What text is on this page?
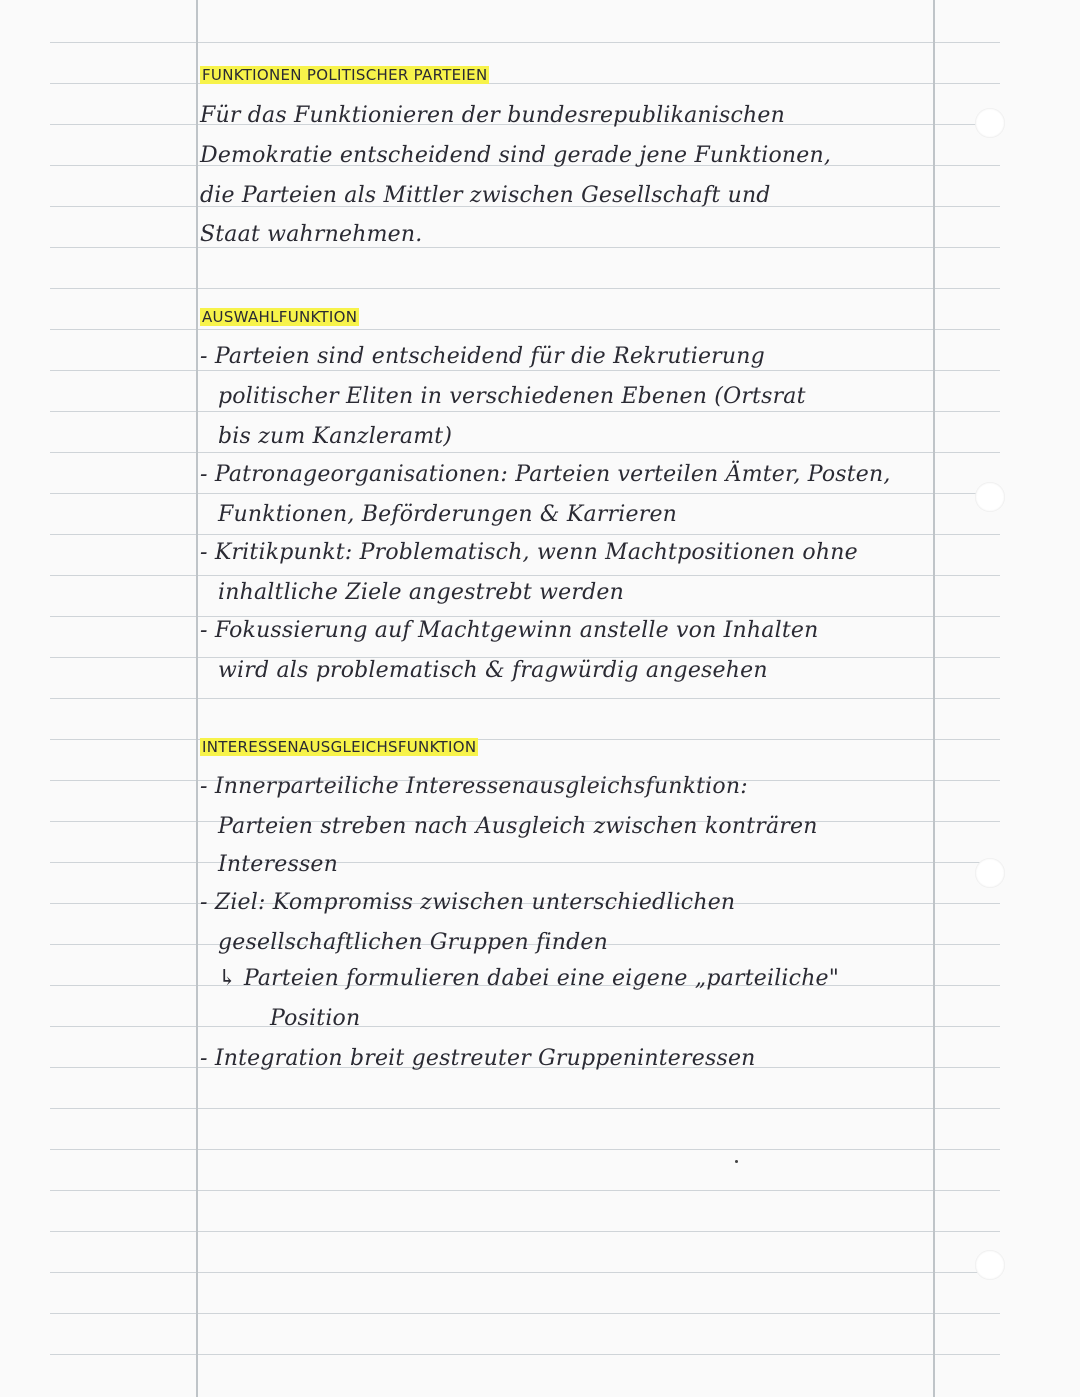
FUNKTIONEN POLITISCHER PARTEIEN
Für das Funktionieren der bundesrepublikanischen
Demokratie entscheidend sind gerade jene Funktionen,
die Parteien als Mittler zwischen Gesellschaft und
Staat wahrnehmen.
AUSWAHLFUNKTION
- Parteien sind entscheidend für die Rekrutierung
politischer Eliten in verschiedenen Ebenen (Ortsrat
bis zum Kanzleramt)
- Patronageorganisationen: Parteien verteilen Ämter, Posten,
Funktionen, Beförderungen & Karrieren
- Kritikpunkt: Problematisch, wenn Machtpositionen ohne
inhaltliche Ziele angestrebt werden
- Fokussierung auf Machtgewinn anstelle von Inhalten
wird als problematisch & fragwürdig angesehen
INTERESSENAUSGLEICHSFUNKTION
- Innerparteiliche Interessenausgleichsfunktion:
Parteien streben nach Ausgleich zwischen konträren
Interessen
- Ziel: Kompromiss zwischen unterschiedlichen
gesellschaftlichen Gruppen finden
↳ Parteien formulieren dabei eine eigene „parteiliche"
Position
- Integration breit gestreuter Gruppeninteressen
